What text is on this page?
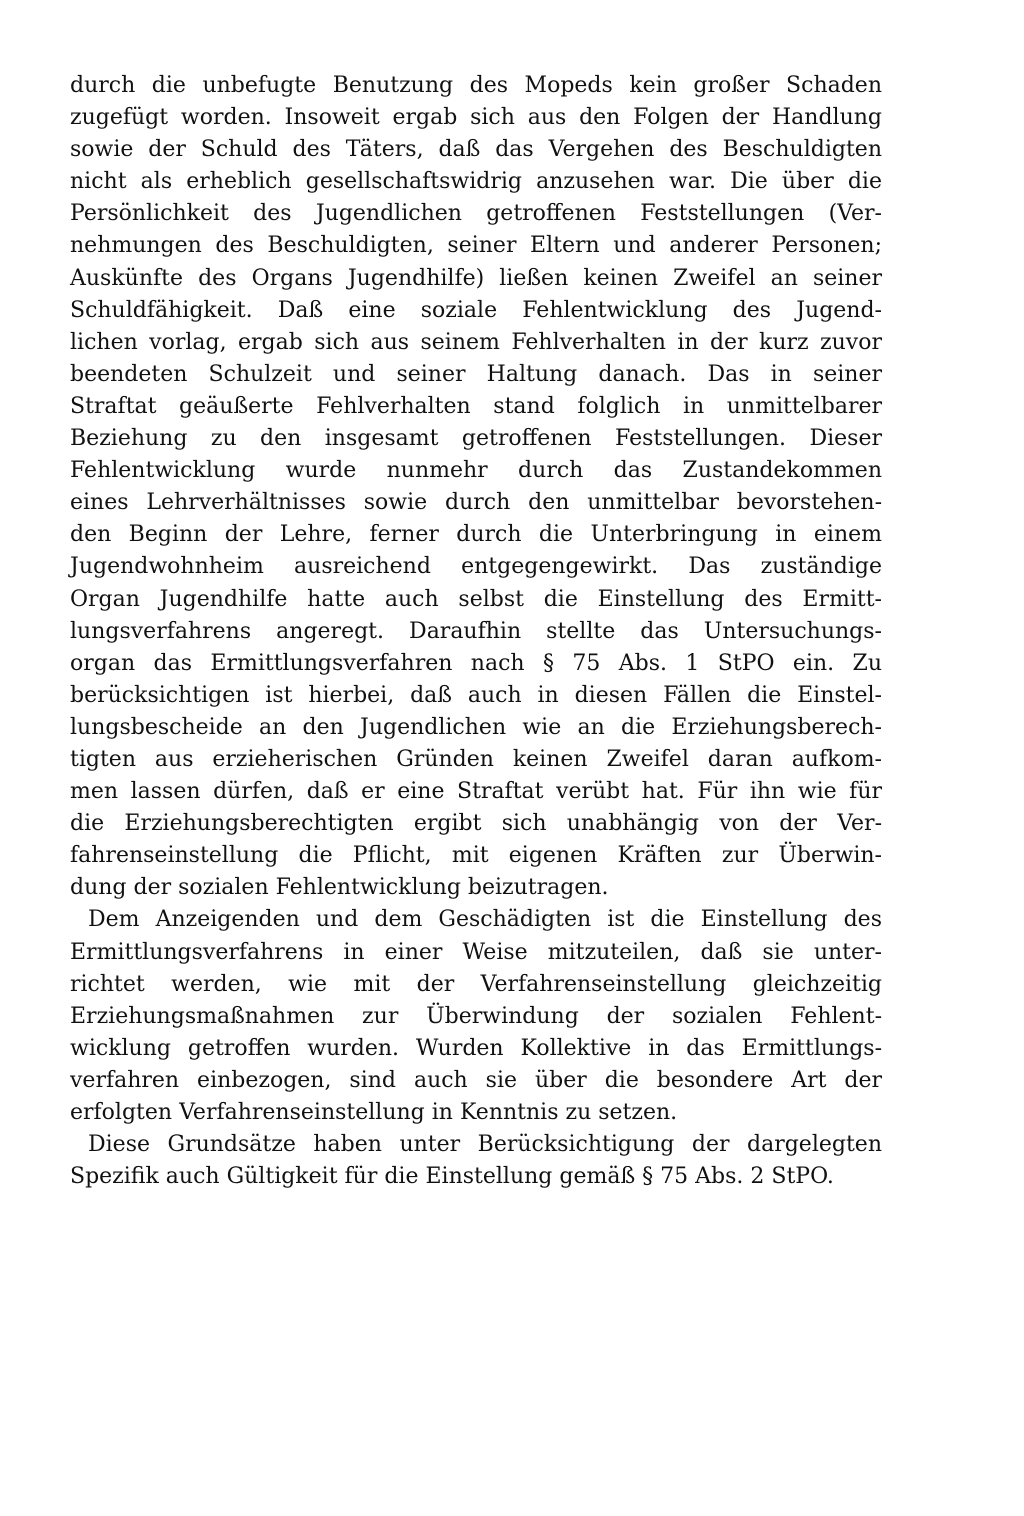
durch die unbefugte Benutzung des Mopeds kein großer Schaden
zugefügt worden. Insoweit ergab sich aus den Folgen der Handlung
sowie der Schuld des Täters, daß das Vergehen des Beschuldigten
nicht als erheblich gesellschaftswidrig anzusehen war. Die über die
Persönlichkeit des Jugendlichen getroffenen Feststellungen (Ver-
nehmungen des Beschuldigten, seiner Eltern und anderer Personen;
Auskünfte des Organs Jugendhilfe) ließen keinen Zweifel an seiner
Schuldfähigkeit. Daß eine soziale Fehlentwicklung des Jugend-
lichen vorlag, ergab sich aus seinem Fehlverhalten in der kurz zuvor
beendeten Schulzeit und seiner Haltung danach. Das in seiner
Straftat geäußerte Fehlverhalten stand folglich in unmittelbarer
Beziehung zu den insgesamt getroffenen Feststellungen. Dieser
Fehlentwicklung wurde nunmehr durch das Zustandekommen
eines Lehrverhältnisses sowie durch den unmittelbar bevorstehen-
den Beginn der Lehre, ferner durch die Unterbringung in einem
Jugendwohnheim ausreichend entgegengewirkt. Das zuständige
Organ Jugendhilfe hatte auch selbst die Einstellung des Ermitt-
lungsverfahrens angeregt. Daraufhin stellte das Untersuchungs-
organ das Ermittlungsverfahren nach § 75 Abs. 1 StPO ein. Zu
berücksichtigen ist hierbei, daß auch in diesen Fällen die Einstel-
lungsbescheide an den Jugendlichen wie an die Erziehungsberech-
tigten aus erzieherischen Gründen keinen Zweifel daran aufkom-
men lassen dürfen, daß er eine Straftat verübt hat. Für ihn wie für
die Erziehungsberechtigten ergibt sich unabhängig von der Ver-
fahrenseinstellung die Pflicht, mit eigenen Kräften zur Überwin-
dung der sozialen Fehlentwicklung beizutragen.
Dem Anzeigenden und dem Geschädigten ist die Einstellung des
Ermittlungsverfahrens in einer Weise mitzuteilen, daß sie unter-
richtet werden, wie mit der Verfahrenseinstellung gleichzeitig
Erziehungsmaßnahmen zur Überwindung der sozialen Fehlent-
wicklung getroffen wurden. Wurden Kollektive in das Ermittlungs-
verfahren einbezogen, sind auch sie über die besondere Art der
erfolgten Verfahrenseinstellung in Kenntnis zu setzen.
Diese Grundsätze haben unter Berücksichtigung der dargelegten
Spezifik auch Gültigkeit für die Einstellung gemäß § 75 Abs. 2 StPO.
